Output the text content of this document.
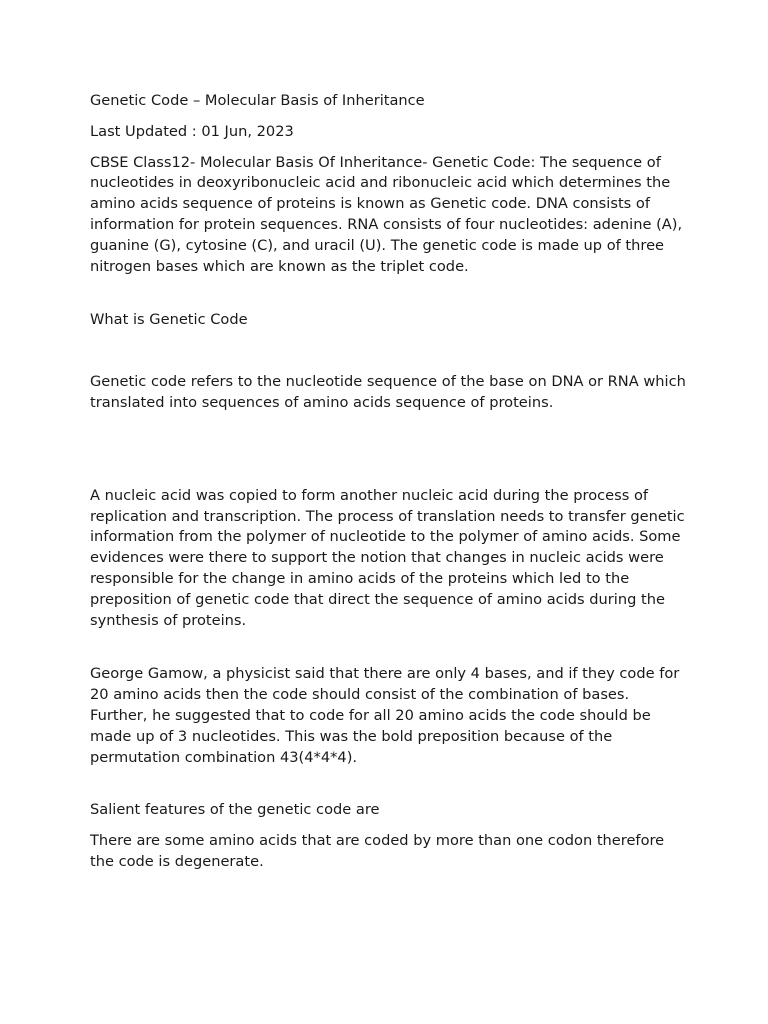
Genetic Code – Molecular Basis of Inheritance

Last Updated : 01 Jun, 2023

CBSE Class12- Molecular Basis Of Inheritance- Genetic Code: The sequence of nucleotides in deoxyribonucleic acid and ribonucleic acid which determines the amino acids sequence of proteins is known as Genetic code. DNA consists of information for protein sequences. RNA consists of four nucleotides: adenine (A), guanine (G), cytosine (C), and uracil (U). The genetic code is made up of three nitrogen bases which are known as the triplet code.

What is Genetic Code

Genetic code refers to the nucleotide sequence of the base on DNA or RNA which translated into sequences of amino acids sequence of proteins.

A nucleic acid was copied to form another nucleic acid during the process of replication and transcription. The process of translation needs to transfer genetic information from the polymer of nucleotide to the polymer of amino acids. Some evidences were there to support the notion that changes in nucleic acids were responsible for the change in amino acids of the proteins which led to the preposition of genetic code that direct the sequence of amino acids during the synthesis of proteins.

George Gamow, a physicist said that there are only 4 bases, and if they code for 20 amino acids then the code should consist of the combination of bases. Further, he suggested that to code for all 20 amino acids the code should be made up of 3 nucleotides. This was the bold preposition because of the permutation combination 43(4*4*4).

Salient features of the genetic code are

There are some amino acids that are coded by more than one codon therefore the code is degenerate.
